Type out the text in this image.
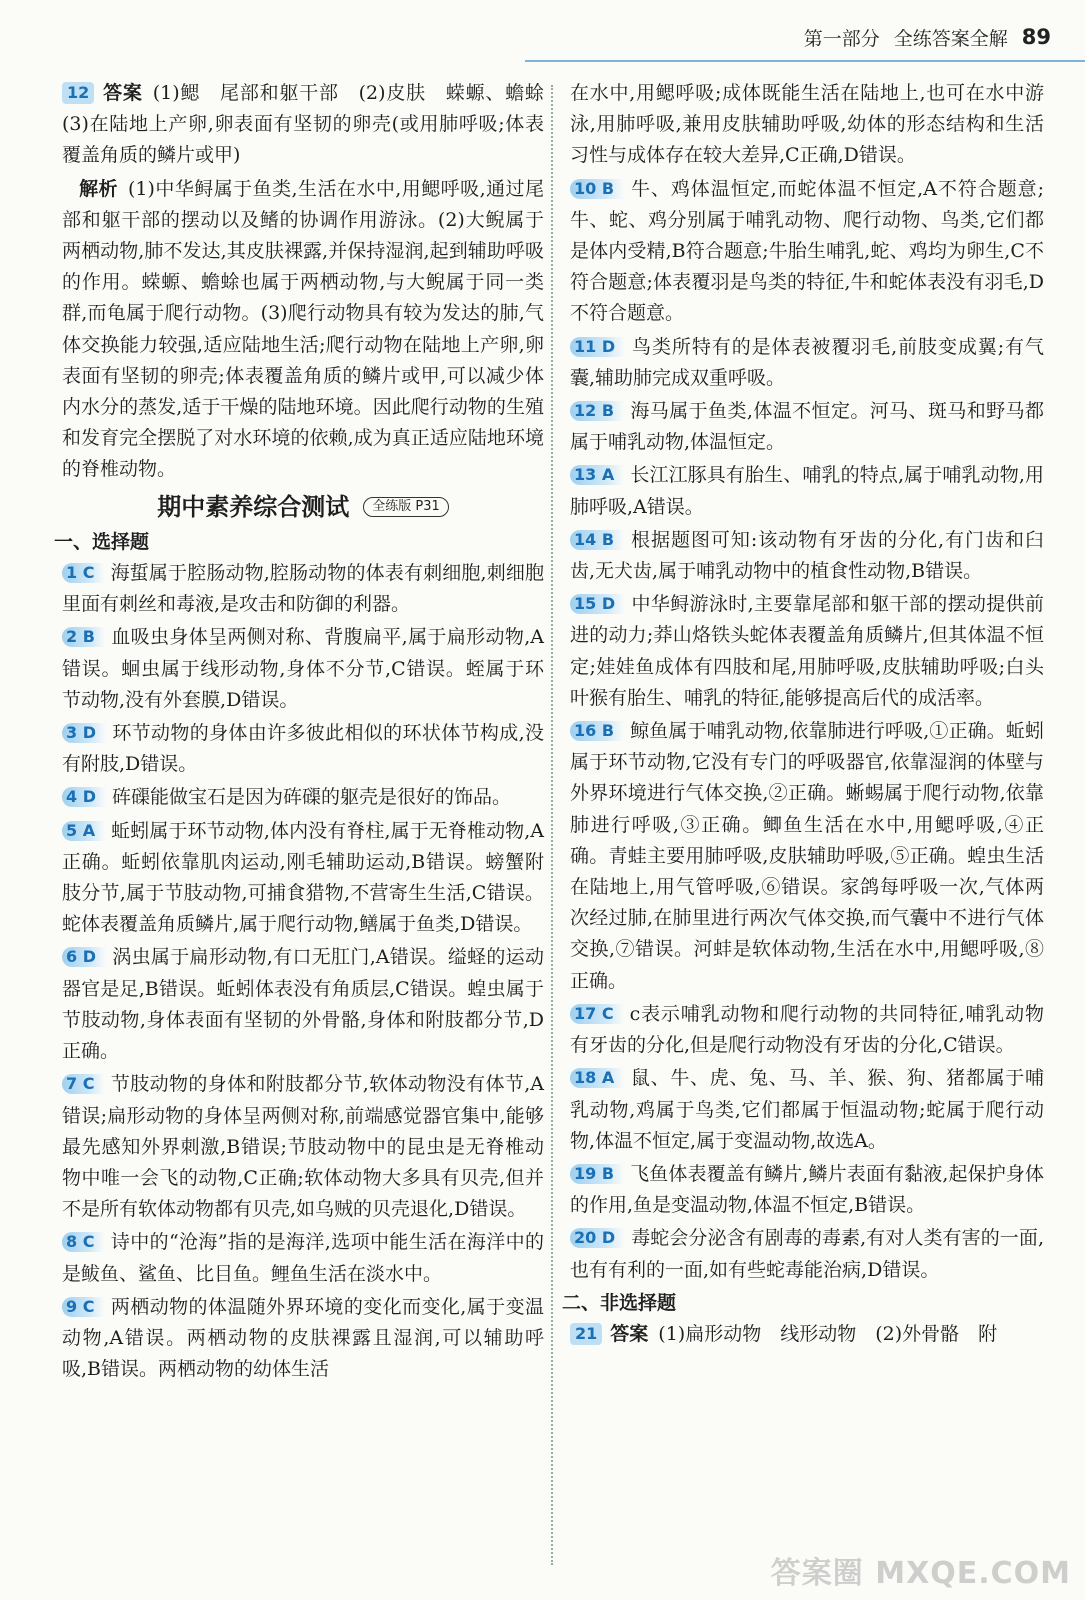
第一部分 全练答案全解 89
12 答案 (1)鳃　尾部和躯干部　(2)皮肤　蝾螈、蟾蜍　(3)在陆地上产卵,卵表面有坚韧的卵壳(或用肺呼吸;体表覆盖角质的鳞片或甲)
解析 (1)中华鲟属于鱼类,生活在水中,用鳃呼吸,通过尾部和躯干部的摆动以及鳍的协调作用游泳。(2)大鲵属于两栖动物,肺不发达,其皮肤裸露,并保持湿润,起到辅助呼吸的作用。蝾螈、蟾蜍也属于两栖动物,与大鲵属于同一类群,而龟属于爬行动物。(3)爬行动物具有较为发达的肺,气体交换能力较强,适应陆地生活;爬行动物在陆地上产卵,卵表面有坚韧的卵壳;体表覆盖角质的鳞片或甲,可以减少体内水分的蒸发,适于干燥的陆地环境。因此爬行动物的生殖和发育完全摆脱了对水环境的依赖,成为真正适应陆地环境的脊椎动物。
期中素养综合测试	全练版 P31
一、选择题
1 C 海蜇属于腔肠动物,腔肠动物的体表有刺细胞,刺细胞里面有刺丝和毒液,是攻击和防御的利器。
2 B 血吸虫身体呈两侧对称、背腹扁平,属于扁形动物,A错误。蛔虫属于线形动物,身体不分节,C错误。蛭属于环节动物,没有外套膜,D错误。
3 D 环节动物的身体由许多彼此相似的环状体节构成,没有附肢,D错误。
4 D 砗磲能做宝石是因为砗磲的躯壳是很好的饰品。
5 A 蚯蚓属于环节动物,体内没有脊柱,属于无脊椎动物,A正确。蚯蚓依靠肌肉运动,刚毛辅助运动,B错误。螃蟹附肢分节,属于节肢动物,可捕食猎物,不营寄生生活,C错误。蛇体表覆盖角质鳞片,属于爬行动物,鳝属于鱼类,D错误。
6 D 涡虫属于扁形动物,有口无肛门,A错误。缢蛏的运动器官是足,B错误。蚯蚓体表没有角质层,C错误。蝗虫属于节肢动物,身体表面有坚韧的外骨骼,身体和附肢都分节,D正确。
7 C 节肢动物的身体和附肢都分节,软体动物没有体节,A错误;扁形动物的身体呈两侧对称,前端感觉器官集中,能够最先感知外界刺激,B错误;节肢动物中的昆虫是无脊椎动物中唯一会飞的动物,C正确;软体动物大多具有贝壳,但并不是所有软体动物都有贝壳,如乌贼的贝壳退化,D错误。
8 C 诗中的“沧海”指的是海洋,选项中能生活在海洋中的是鲅鱼、鲨鱼、比目鱼。鲤鱼生活在淡水中。
9 C 两栖动物的体温随外界环境的变化而变化,属于变温动物,A错误。两栖动物的皮肤裸露且湿润,可以辅助呼吸,B错误。两栖动物的幼体生活
在水中,用鳃呼吸;成体既能生活在陆地上,也可在水中游泳,用肺呼吸,兼用皮肤辅助呼吸,幼体的形态结构和生活习性与成体存在较大差异,C正确,D错误。
10 B 牛、鸡体温恒定,而蛇体温不恒定,A不符合题意;牛、蛇、鸡分别属于哺乳动物、爬行动物、鸟类,它们都是体内受精,B符合题意;牛胎生哺乳,蛇、鸡均为卵生,C不符合题意;体表覆羽是鸟类的特征,牛和蛇体表没有羽毛,D不符合题意。
11 D 鸟类所特有的是体表被覆羽毛,前肢变成翼;有气囊,辅助肺完成双重呼吸。
12 B 海马属于鱼类,体温不恒定。河马、斑马和野马都属于哺乳动物,体温恒定。
13 A 长江江豚具有胎生、哺乳的特点,属于哺乳动物,用肺呼吸,A错误。
14 B 根据题图可知:该动物有牙齿的分化,有门齿和臼齿,无犬齿,属于哺乳动物中的植食性动物,B错误。
15 D 中华鲟游泳时,主要靠尾部和躯干部的摆动提供前进的动力;莽山烙铁头蛇体表覆盖角质鳞片,但其体温不恒定;娃娃鱼成体有四肢和尾,用肺呼吸,皮肤辅助呼吸;白头叶猴有胎生、哺乳的特征,能够提高后代的成活率。
16 B 鲸鱼属于哺乳动物,依靠肺进行呼吸,①正确。蚯蚓属于环节动物,它没有专门的呼吸器官,依靠湿润的体壁与外界环境进行气体交换,②正确。蜥蜴属于爬行动物,依靠肺进行呼吸,③正确。鲫鱼生活在水中,用鳃呼吸,④正确。青蛙主要用肺呼吸,皮肤辅助呼吸,⑤正确。蝗虫生活在陆地上,用气管呼吸,⑥错误。家鸽每呼吸一次,气体两次经过肺,在肺里进行两次气体交换,而气囊中不进行气体交换,⑦错误。河蚌是软体动物,生活在水中,用鳃呼吸,⑧正确。
17 C c表示哺乳动物和爬行动物的共同特征,哺乳动物有牙齿的分化,但是爬行动物没有牙齿的分化,C错误。
18 A 鼠、牛、虎、兔、马、羊、猴、狗、猪都属于哺乳动物,鸡属于鸟类,它们都属于恒温动物;蛇属于爬行动物,体温不恒定,属于变温动物,故选A。
19 B 飞鱼体表覆盖有鳞片,鳞片表面有黏液,起保护身体的作用,鱼是变温动物,体温不恒定,B错误。
20 D 毒蛇会分泌含有剧毒的毒素,有对人类有害的一面,也有有利的一面,如有些蛇毒能治病,D错误。
二、非选择题
21 答案 (1)扁形动物　线形动物　(2)外骨骼　附
答案圈 MXQE.COM
